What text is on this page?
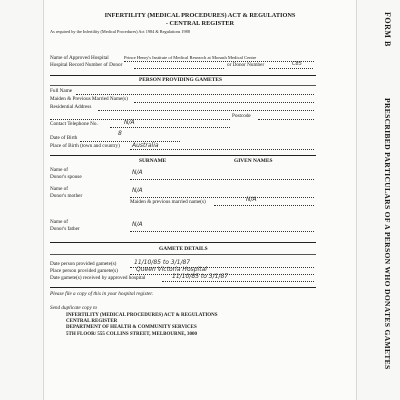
INFERTILITY (MEDICAL PROCEDURES) ACT & REGULATIONS
- CENTRAL REGISTER
As required by the Infertility (Medical Procedures) Act 1984 & Regulations 1988
Name of Approved Hospital	Prince Henry's Institute of Medical Research at Monash Medical Centre
Hospital Record Number of Donor	or Donor Number	C85
PERSON PROVIDING GAMETES
Full Name
Maiden & Previous Married Name(s)
Residential Address
Postcode
Contact Telephone No.	N/A
Date of Birth
8
Place of Birth (town and country) Australia
SURNAME	GIVEN NAMES
Name of
Donor's spouse
N/A
Name of
Donor's mother
N/A
Maiden & previous married name(s)	N/A
Name of
Donor's father
N/A
GAMETE DETAILS
Date person provided gamete(s)	11/10/85 to 3/1/87
Place person provided gamete(s)	Queen Victoria Hospital
Date gamete(s) received by approved hospital	11/10/85 to 3/1/87
Please file a copy of this in your hospital register.
Send duplicate copy to
INFERTILITY (MEDICAL PROCEDURES) ACT & REGULATIONS
CENTRAL REGISTER
DEPARTMENT OF HEALTH & COMMUNITY SERVICES
5TH FLOOR/ 555 COLLINS STREET, MELBOURNE, 3000
FORM B
PRESCRIBED PARTICULARS OF A PERSON WHO DONATES GAMETES
